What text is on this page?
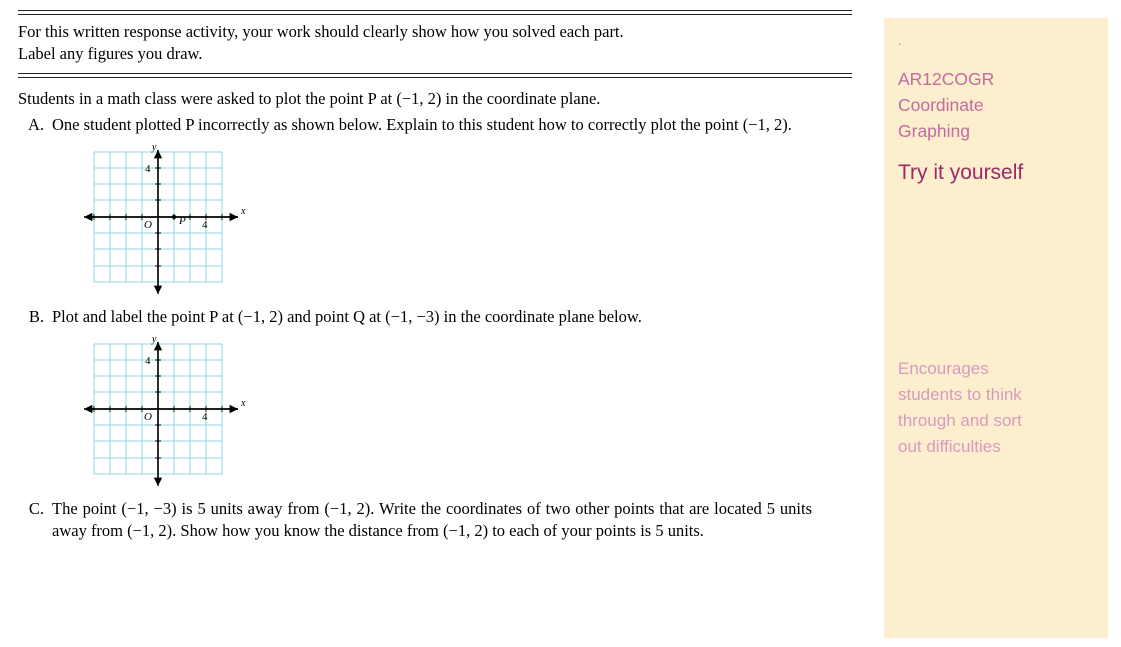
For this written response activity, your work should clearly show how you solved each part.

Label any figures you draw.

Students in a math class were asked to plot the point P at (−1, 2) in the coordinate plane.

A. One student plotted P incorrectly as shown below. Explain to this student how to correctly plot the point (−1, 2).
P
x
y
O	4
4
B. Plot and label the point P at (−1, 2) and point Q at (−1, −3) in the coordinate plane below.
x
y
O	4
4
C. The point (−1, −3) is 5 units away from (−1, 2). Write the coordinates of two other points that are located 5 units away from (−1, 2). Show how you know the distance from (−1, 2) to each of your points is 5 units.
.
AR12COGR
Coordinate
Graphing
Try it yourself
Encourages
students to think
through and sort
out difficulties
